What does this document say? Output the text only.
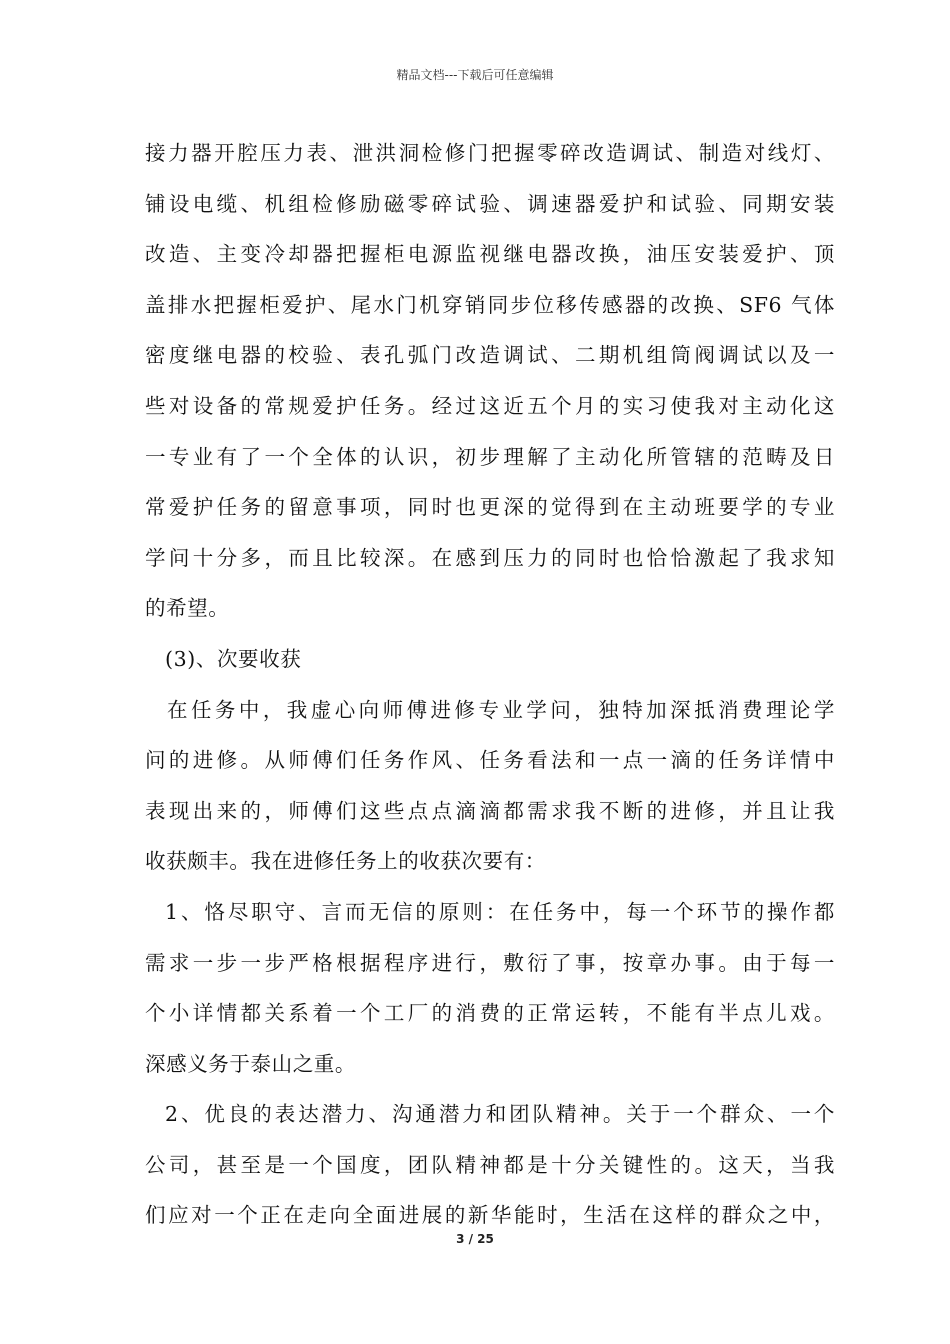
精品文档---下载后可任意编辑
接力器开腔压力表、泄洪洞检修门把握零碎改造调试、制造对线灯、
铺设电缆、机组检修励磁零碎试验、调速器爱护和试验、同期安装
改造、主变冷却器把握柜电源监视继电器改换，油压安装爱护、顶
盖排水把握柜爱护、尾水门机穿销同步位移传感器的改换、SF6 气体
密度继电器的校验、表孔弧门改造调试、二期机组筒阀调试以及一
些对设备的常规爱护任务。经过这近五个月的实习使我对主动化这
一专业有了一个全体的认识，初步理解了主动化所管辖的范畴及日
常爱护任务的留意事项，同时也更深的觉得到在主动班要学的专业
学问十分多，而且比较深。在感到压力的同时也恰恰激起了我求知
的希望。
(3)、次要收获
在任务中，我虚心向师傅进修专业学问，独特加深抵消费理论学
问的进修。从师傅们任务作风、任务看法和一点一滴的任务详情中
表现出来的，师傅们这些点点滴滴都需求我不断的进修，并且让我
收获颇丰。我在进修任务上的收获次要有：
1、恪尽职守、言而无信的原则：在任务中，每一个环节的操作都
需求一步一步严格根据程序进行，敷衍了事，按章办事。由于每一
个小详情都关系着一个工厂的消费的正常运转，不能有半点儿戏。
深感义务于泰山之重。
2、优良的表达潜力、沟通潜力和团队精神。关于一个群众、一个
公司，甚至是一个国度，团队精神都是十分关键性的。这天，当我
们应对一个正在走向全面进展的新华能时，生活在这样的群众之中，
3 / 25
